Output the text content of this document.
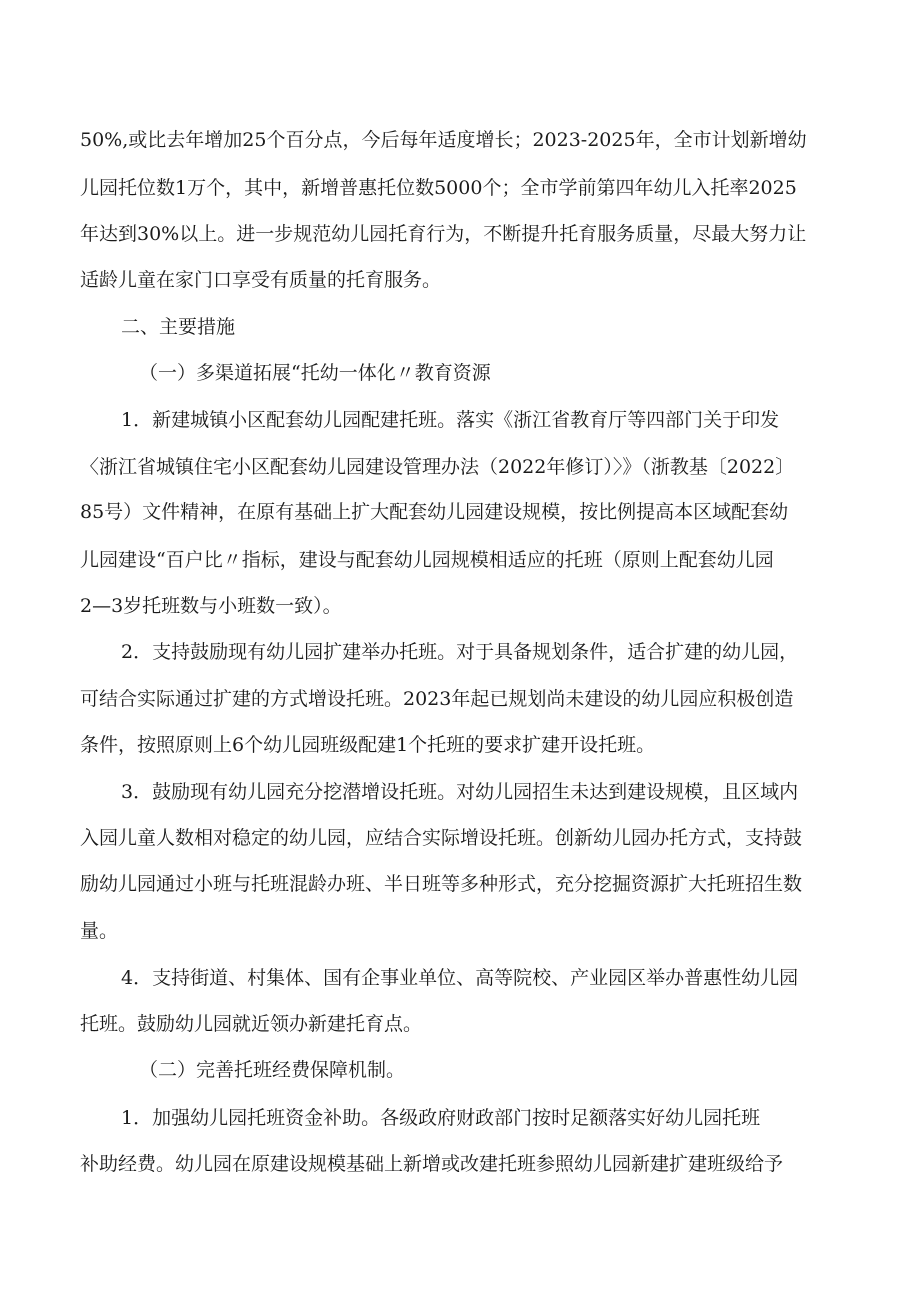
50%,或比去年增加25个百分点，今后每年适度增长；2023-2025年，全市计划新增幼
儿园托位数1万个，其中，新增普惠托位数5000个；全市学前第四年幼儿入托率2025
年达到30%以上。进一步规范幼儿园托育行为，不断提升托育服务质量，尽最大努力让
适龄儿童在家门口享受有质量的托育服务。
二、主要措施
（一）多渠道拓展“托幼一体化〃教育资源
1．新建城镇小区配套幼儿园配建托班。落实《浙江省教育厅等四部门关于印发
〈浙江省城镇住宅小区配套幼儿园建设管理办法（2022年修订）〉》（浙教基〔2022〕
85号）文件精神，在原有基础上扩大配套幼儿园建设规模，按比例提高本区域配套幼
儿园建设“百户比〃指标，建设与配套幼儿园规模相适应的托班（原则上配套幼儿园
2—3岁托班数与小班数一致）。
2．支持鼓励现有幼儿园扩建举办托班。对于具备规划条件，适合扩建的幼儿园，
可结合实际通过扩建的方式增设托班。2023年起已规划尚未建设的幼儿园应积极创造
条件，按照原则上6个幼儿园班级配建1个托班的要求扩建开设托班。
3．鼓励现有幼儿园充分挖潜增设托班。对幼儿园招生未达到建设规模，且区域内
入园儿童人数相对稳定的幼儿园，应结合实际增设托班。创新幼儿园办托方式，支持鼓
励幼儿园通过小班与托班混龄办班、半日班等多种形式，充分挖掘资源扩大托班招生数
量。
4．支持街道、村集体、国有企事业单位、高等院校、产业园区举办普惠性幼儿园
托班。鼓励幼儿园就近领办新建托育点。
（二）完善托班经费保障机制。
1．加强幼儿园托班资金补助。各级政府财政部门按时足额落实好幼儿园托班
补助经费。幼儿园在原建设规模基础上新增或改建托班参照幼儿园新建扩建班级给予
